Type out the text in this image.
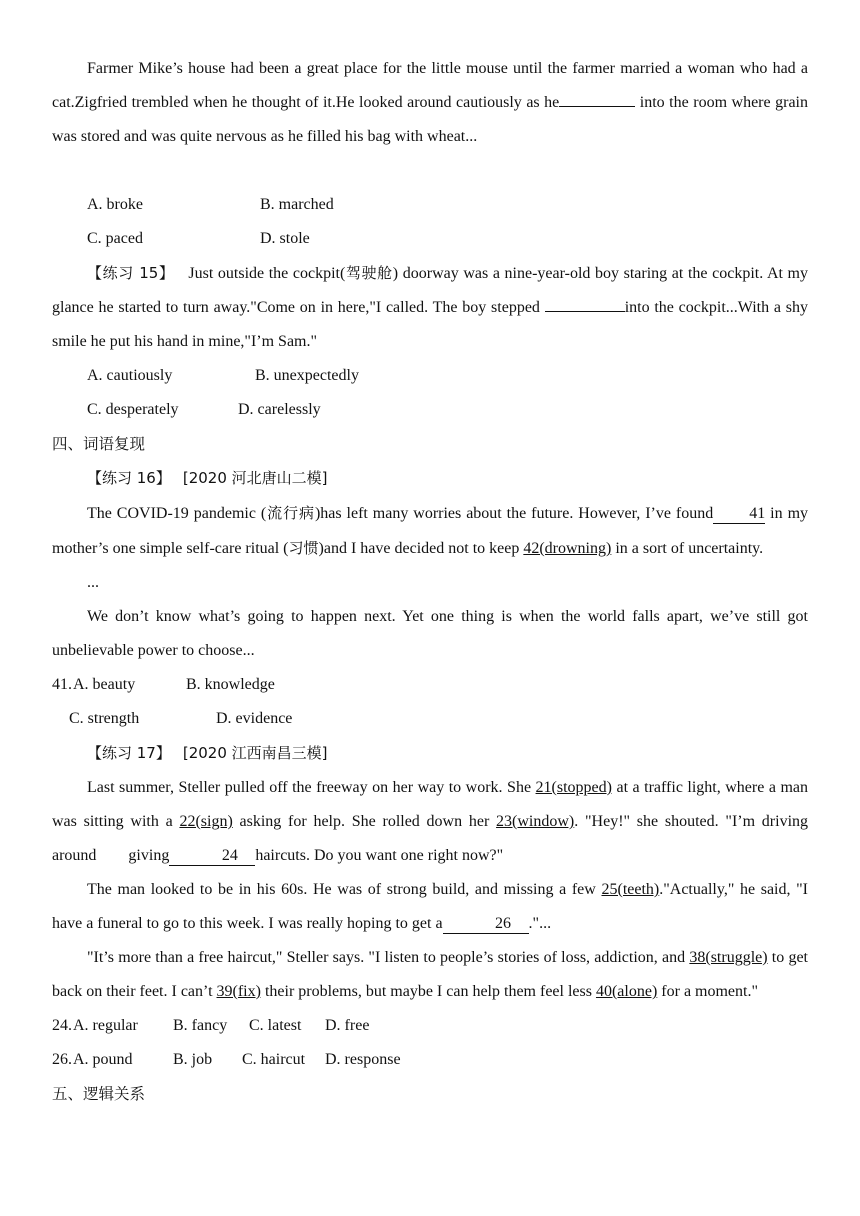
Farmer Mike’s house had been a great place for the little mouse until the farmer married a woman who had a cat.Zigfried trembled when he thought of it.He looked around cautiously as he	into the room where grain was stored and was quite nervous as he filled his bag with wheat...

A. broke	B. marched
C. paced	D. stole

【练习 15】 Just outside the cockpit(驾驶舱) doorway was a nine-year-old boy staring at the cockpit. At my glance he started to turn away."Come on in here,"I called. The boy stepped	into the cockpit...With a shy smile he put his hand in mine,"I’m Sam."

A. cautiously	B. unexpectedly
C. desperately	D. carelessly

四、词语复现

【练习 16】 [2020 河北唐山二模]

The COVID-19 pandemic (流行病)has left many worries about the future. However, I’ve found 41 in my mother’s one simple self-care ritual (习惯)and I have decided not to keep 42(drowning) in a sort of uncertainty.

...

We don’t know what’s going to happen next. Yet one thing is when the world falls apart, we’ve still got unbelievable power to choose...

41. A. beauty	B. knowledge
C. strength	D. evidence

【练习 17】 [2020 江西南昌三模]

Last summer, Steller pulled off the freeway on her way to work. She 21(stopped) at a traffic light, where a man was sitting with a 22(sign) asking for help. She rolled down her 23(window). "Hey!" she shouted. "I’m driving around        giving	24 haircuts. Do you want one right now?"

The man looked to be in his 60s. He was of strong build, and missing a few 25(teeth)."Actually," he said, "I have a funeral to go to this week. I was really hoping to get a	26 ."...

"It’s more than a free haircut," Steller says. "I listen to people’s stories of loss, addiction, and 38(struggle) to get back on their feet. I can’t 39(fix) their problems, but maybe I can help them feel less 40(alone) for a moment."

24. A. regular B. fancy C. latest D. free
26. A. pound	B. job C. haircut D. response

五、逻辑关系
